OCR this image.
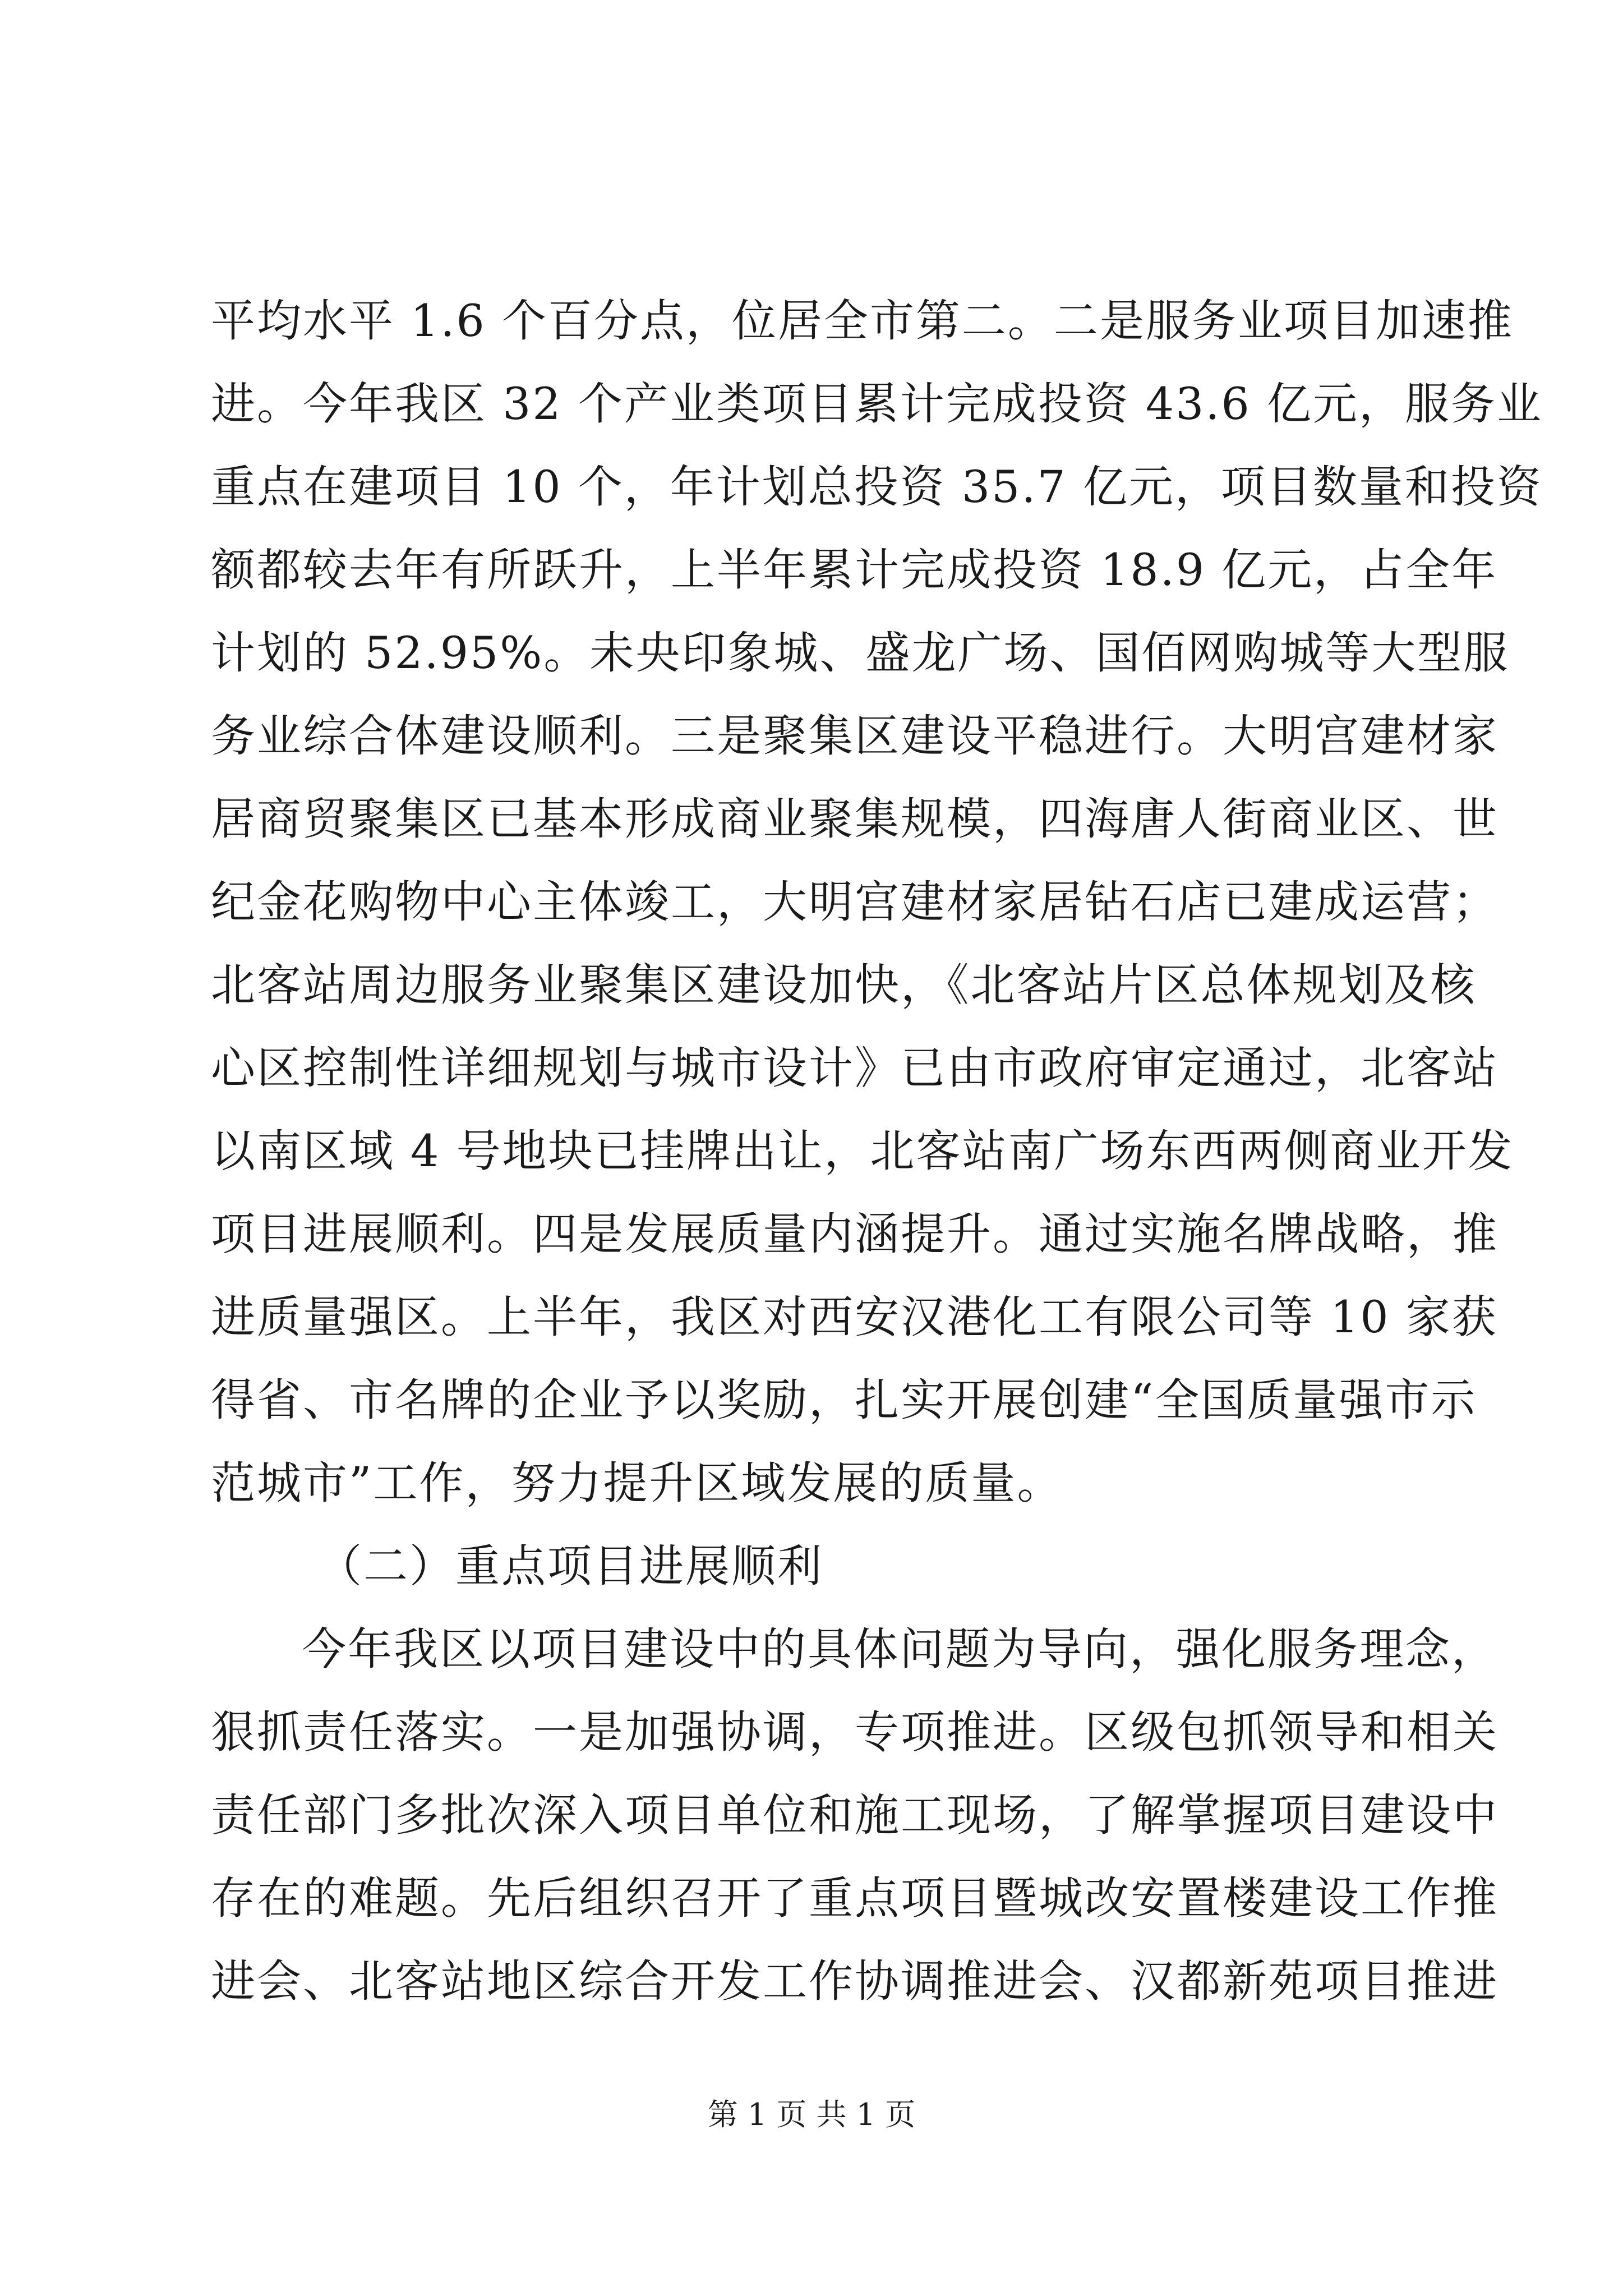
平均水平 1.6 个百分点，位居全市第二。二是服务业项目加速推
进。今年我区 32 个产业类项目累计完成投资 43.6 亿元，服务业
重点在建项目 10 个，年计划总投资 35.7 亿元，项目数量和投资
额都较去年有所跃升，上半年累计完成投资 18.9 亿元，占全年
计划的 52.95%。未央印象城、盛龙广场、国佰网购城等大型服
务业综合体建设顺利。三是聚集区建设平稳进行。大明宫建材家
居商贸聚集区已基本形成商业聚集规模，四海唐人街商业区、世
纪金花购物中心主体竣工，大明宫建材家居钻石店已建成运营；
北客站周边服务业聚集区建设加快，《北客站片区总体规划及核
心区控制性详细规划与城市设计》已由市政府审定通过，北客站
以南区域 4 号地块已挂牌出让，北客站南广场东西两侧商业开发
项目进展顺利。四是发展质量内涵提升。通过实施名牌战略，推
进质量强区。上半年，我区对西安汉港化工有限公司等 10 家获
得省、市名牌的企业予以奖励，扎实开展创建“全国质量强市示
范城市”工作，努力提升区域发展的质量。
（二）重点项目进展顺利
今年我区以项目建设中的具体问题为导向，强化服务理念，
狠抓责任落实。一是加强协调，专项推进。区级包抓领导和相关
责任部门多批次深入项目单位和施工现场，了解掌握项目建设中
存在的难题。先后组织召开了重点项目暨城改安置楼建设工作推
进会、北客站地区综合开发工作协调推进会、汉都新苑项目推进
第 1 页 共 1 页
